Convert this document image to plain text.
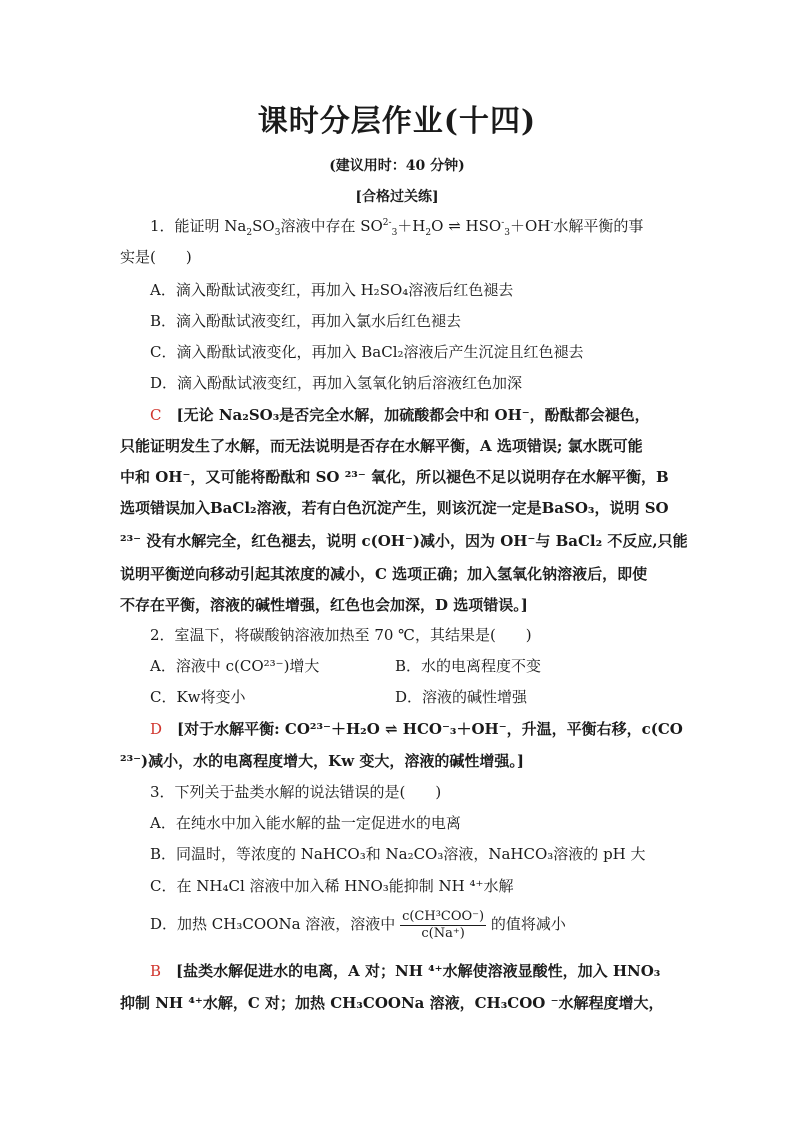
课时分层作业(十四)
(建议用时：40 分钟)
[合格过关练]
1．能证明 $Na_2SO_3$溶液中存在 $SO^{2-}_3+H_2O$ ⇌ $HSO^-_3+OH^-$水解平衡的事
实是(　　)
A．滴入酚酞试液变红，再加入 H₂SO₄溶液后红色褪去
B．滴入酚酞试液变红，再加入氯水后红色褪去
C．滴入酚酞试液变化，再加入 BaCl₂溶液后产生沉淀且红色褪去
D．滴入酚酞试液变红，再加入氢氧化钠后溶液红色加深
C　 [无论 Na₂SO₃是否完全水解，加硫酸都会中和 OH⁻，酚酞都会褪色，
只能证明发生了水解，而无法说明是否存在水解平衡，A 选项错误; 氯水既可能
中和 OH⁻，又可能将酚酞和 SO ²³⁻ 氧化，所以褪色不足以说明存在水解平衡，B
选项错误加入BaCl₂溶液，若有白色沉淀产生，则该沉淀一定是BaSO₃，说明 SO
²³⁻ 没有水解完全，红色褪去，说明 c(OH⁻)减小，因为 OH⁻与 BaCl₂ 不反应,只能
说明平衡逆向移动引起其浓度的减小，C 选项正确；加入氢氧化钠溶液后，即使
不存在平衡，溶液的碱性增强，红色也会加深，D 选项错误。]
2．室温下，将碳酸钠溶液加热至 70 ℃，其结果是(　　)
A．溶液中 c(CO²³⁻)增大	B．水的电离程度不变
C．Kw将变小	D．溶液的碱性增强
D　 [对于水解平衡: CO²³⁻＋H₂O ⇌ HCO⁻₃＋OH⁻，升温，平衡右移，c(CO
²³⁻)减小，水的电离程度增大，Kw 变大，溶液的碱性增强。]
3．下列关于盐类水解的说法错误的是(　　)
A．在纯水中加入能水解的盐一定促进水的电离
B．同温时，等浓度的 NaHCO₃和 Na₂CO₃溶液，NaHCO₃溶液的 pH 大
C．在 NH₄Cl 溶液中加入稀 HNO₃能抑制 NH ⁴⁺水解
D．加热 CH₃COONa 溶液，溶液中 $\frac{\text{c(CH³COO⁻)}}{c(Na^+)}$ 的值将减小
B　 [盐类水解促进水的电离，A 对；NH ⁴⁺水解使溶液显酸性，加入 HNO₃
抑制 NH ⁴⁺水解，C 对；加热 CH₃COONa 溶液，CH₃COO ⁻水解程度增大，
